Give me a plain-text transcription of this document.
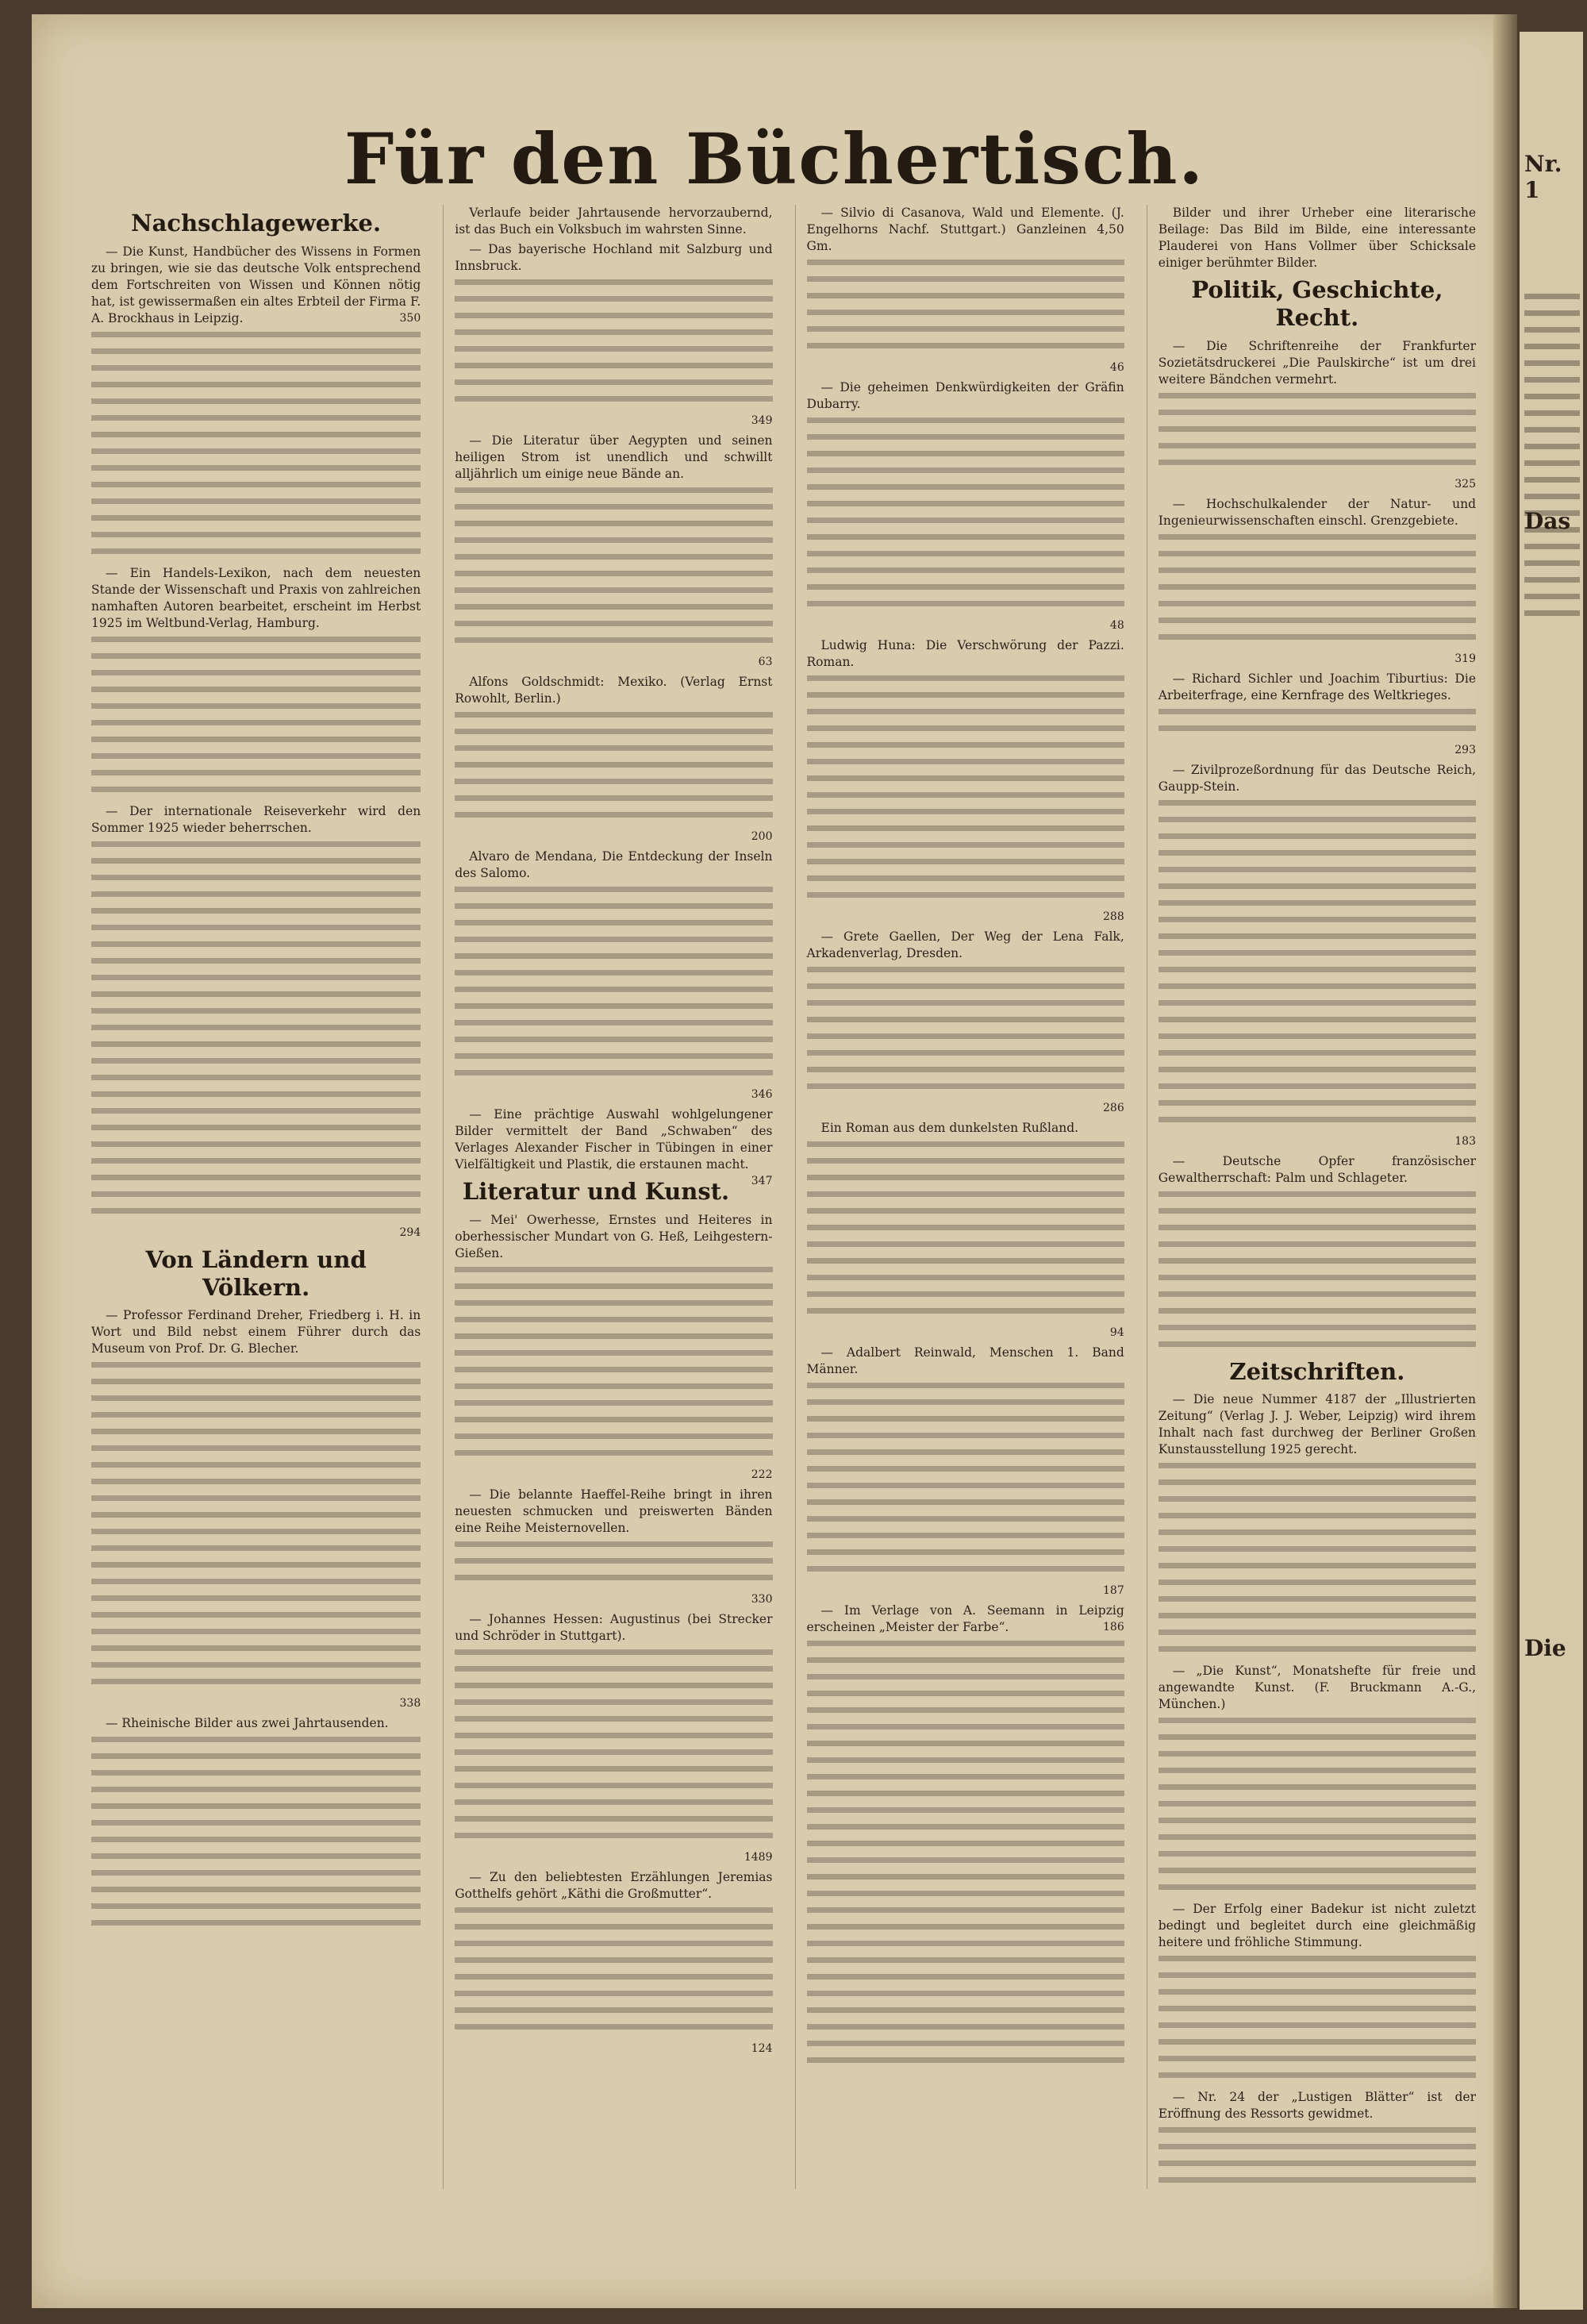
Für den Büchertisch.
Nachschlagewerke.

— Die Kunst, Handbücher des Wissens in Formen zu bringen, wie sie das deutsche Volk entsprechend dem Fortschreiten von Wissen und Können nötig hat, ist gewissermaßen ein altes Erbteil der Firma F. A. Brockhaus in Leipzig.	350

— Ein Handels-Lexikon, nach dem neuesten Stande der Wissenschaft und Praxis von zahlreichen namhaften Autoren bearbeitet, erscheint im Herbst 1925 im Weltbund-Verlag, Hamburg.

— Der internationale Reiseverkehr wird den Sommer 1925 wieder beherrschen.

294

Von Ländern und Völkern.

— Professor Ferdinand Dreher, Friedberg i. H. in Wort und Bild nebst einem Führer durch das Museum von Prof. Dr. G. Blecher.

338

— Rheinische Bilder aus zwei Jahrtausenden.

Verlaufe beider Jahrtausende hervorzaubernd, ist das Buch ein Volksbuch im wahrsten Sinne.

— Das bayerische Hochland mit Salzburg und Innsbruck.

349

— Die Literatur über Aegypten und seinen heiligen Strom ist unendlich und schwillt alljährlich um einige neue Bände an.

63

Alfons Goldschmidt: Mexiko. (Verlag Ernst Rowohlt, Berlin.)

200

Alvaro de Mendana, Die Entdeckung der Inseln des Salomo.

346

— Eine prächtige Auswahl wohlgelungener Bilder vermittelt der Band „Schwaben“ des Verlages Alexander Fischer in Tübingen in einer Vielfältigkeit und Plastik, die erstaunen macht.
347

Literatur und Kunst.

— Mei' Owerhesse, Ernstes und Heiteres in oberhessischer Mundart von G. Heß, Leihgestern-Gießen.

222

— Die belannte Haeffel-Reihe bringt in ihren neuesten schmucken und preiswerten Bänden eine Reihe Meisternovellen.

330

— Johannes Hessen: Augustinus (bei Strecker und Schröder in Stuttgart).

1489

— Zu den beliebtesten Erzählungen Jeremias Gotthelfs gehört „Käthi die Großmutter“.

124

— Silvio di Casanova, Wald und Elemente. (J. Engelhorns Nachf. Stuttgart.) Ganzleinen 4,50 Gm.

46

— Die geheimen Denkwürdigkeiten der Gräfin Dubarry.

48

Ludwig Huna: Die Verschwörung der Pazzi. Roman.

288

— Grete Gaellen, Der Weg der Lena Falk, Arkadenverlag, Dresden.

286

Ein Roman aus dem dunkelsten Rußland.

94

— Adalbert Reinwald, Menschen 1. Band Männer.

187

— Im Verlage von A. Seemann in Leipzig erscheinen „Meister der Farbe“.	186

Bilder und ihrer Urheber eine literarische Beilage: Das Bild im Bilde, eine interessante Plauderei von Hans Vollmer über Schicksale einiger berühmter Bilder.

Politik, Geschichte, Recht.

— Die Schriftenreihe der Frankfurter Sozietätsdruckerei „Die Paulskirche“ ist um drei weitere Bändchen vermehrt.

325

— Hochschulkalender der Natur- und Ingenieurwissenschaften einschl. Grenzgebiete.

319

— Richard Sichler und Joachim Tiburtius: Die Arbeiterfrage, eine Kernfrage des Weltkrieges.

293

— Zivilprozeßordnung für das Deutsche Reich, Gaupp-Stein.

183

— Deutsche Opfer französischer Gewaltherrschaft: Palm und Schlageter.

Zeitschriften.

— Die neue Nummer 4187 der „Illustrierten Zeitung“ (Verlag J. J. Weber, Leipzig) wird ihrem Inhalt nach fast durchweg der Berliner Großen Kunstausstellung 1925 gerecht.

— „Die Kunst“, Monatshefte für freie und angewandte Kunst. (F. Bruckmann A.-G., München.)

— Der Erfolg einer Badekur ist nicht zuletzt bedingt und begleitet durch eine gleichmäßig heitere und fröhliche Stimmung.

— Nr. 24 der „Lustigen Blätter“ ist der Eröffnung des Ressorts gewidmet.

Nr. 1
Das
Die
